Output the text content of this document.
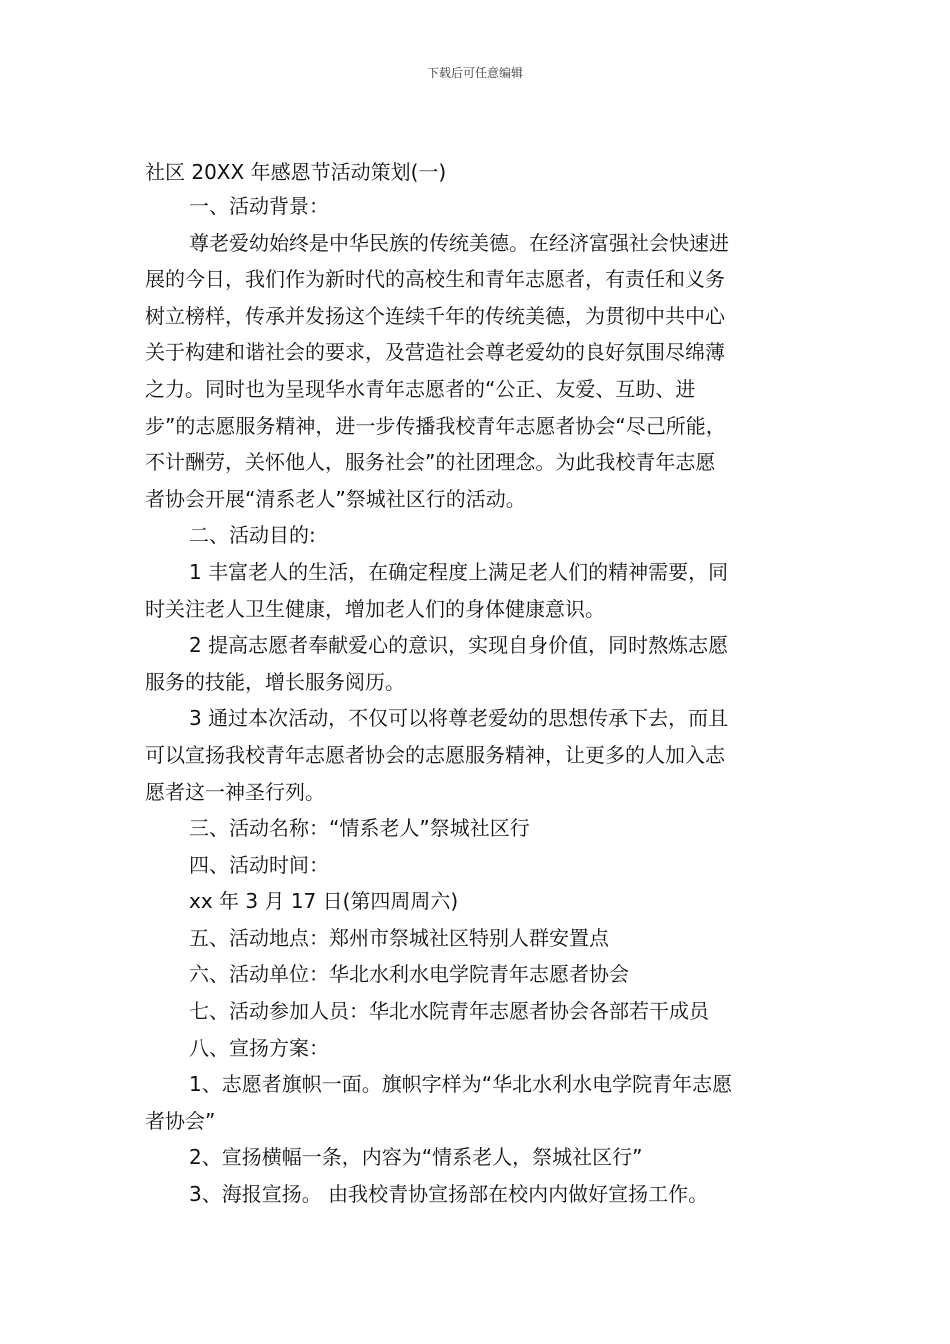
下载后可任意编辑
社区 20XX 年感恩节活动策划(一)
一、活动背景：
尊老爱幼始终是中华民族的传统美德。在经济富强社会快速进
展的今日，我们作为新时代的高校生和青年志愿者，有责任和义务
树立榜样，传承并发扬这个连续千年的传统美德，为贯彻中共中心
关于构建和谐社会的要求，及营造社会尊老爱幼的良好氛围尽绵薄
之力。同时也为呈现华水青年志愿者的“公正、友爱、互助、进
步”的志愿服务精神，进一步传播我校青年志愿者协会“尽己所能，
不计酬劳，关怀他人，服务社会”的社团理念。为此我校青年志愿
者协会开展“清系老人”祭城社区行的活动。
二、活动目的:
1 丰富老人的生活，在确定程度上满足老人们的精神需要，同
时关注老人卫生健康，增加老人们的身体健康意识。
2 提高志愿者奉献爱心的意识，实现自身价值，同时熬炼志愿
服务的技能，增长服务阅历。
3 通过本次活动，不仅可以将尊老爱幼的思想传承下去，而且
可以宣扬我校青年志愿者协会的志愿服务精神，让更多的人加入志
愿者这一神圣行列。
三、活动名称：“情系老人”祭城社区行
四、活动时间：
xx 年 3 月 17 日(第四周周六)
五、活动地点：郑州市祭城社区特别人群安置点
六、活动单位：华北水利水电学院青年志愿者协会
七、活动参加人员：华北水院青年志愿者协会各部若干成员
八、宣扬方案：
1、志愿者旗帜一面。旗帜字样为“华北水利水电学院青年志愿
者协会”
2、宣扬横幅一条，内容为“情系老人，祭城社区行”
3、海报宣扬。 由我校青协宣扬部在校内内做好宣扬工作。
